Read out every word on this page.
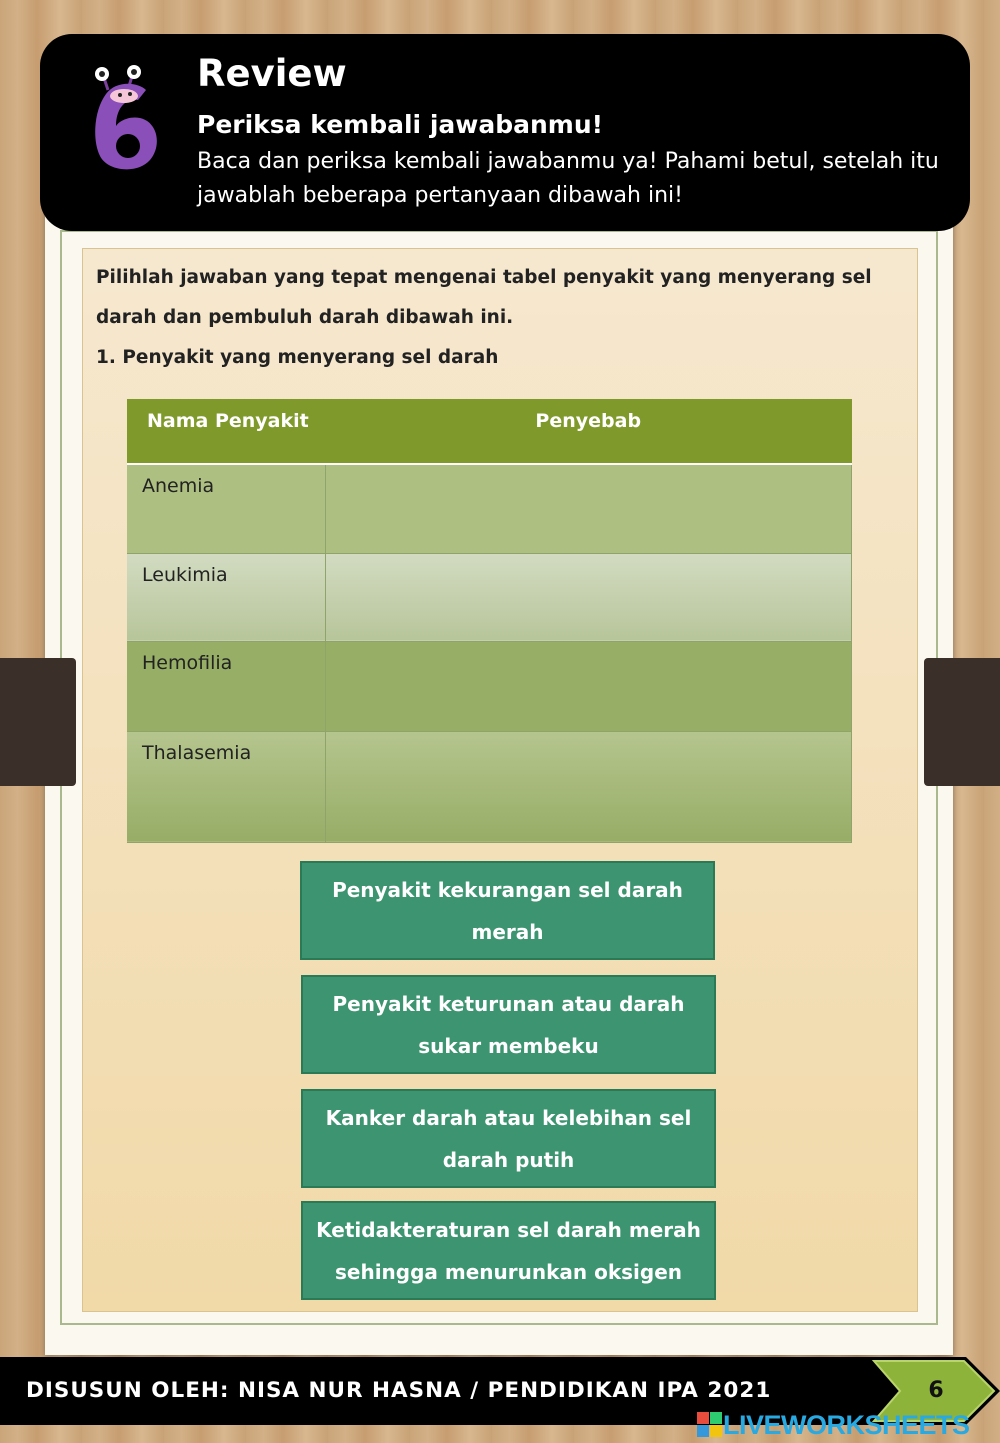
Review
Periksa kembali jawabanmu!
Baca dan periksa kembali jawabanmu ya! Pahami betul, setelah itu jawablah beberapa pertanyaan dibawah ini!
Pilihlah jawaban yang tepat mengenai tabel penyakit yang menyerang sel darah dan pembuluh darah dibawah ini.
1. Penyakit yang menyerang sel darah
Nama Penyakit	Penyebab
Anemia	
Leukimia	
Hemofilia	
Thalasemia	
Penyakit kekurangan sel darah merah
Penyakit keturunan atau darah sukar membeku
Kanker darah atau kelebihan sel darah putih
Ketidakteraturan sel darah merah sehingga menurunkan oksigen
DISUSUN OLEH: NISA NUR HASNA / PENDIDIKAN IPA 2021	6
LIVEWORKSHEETS
